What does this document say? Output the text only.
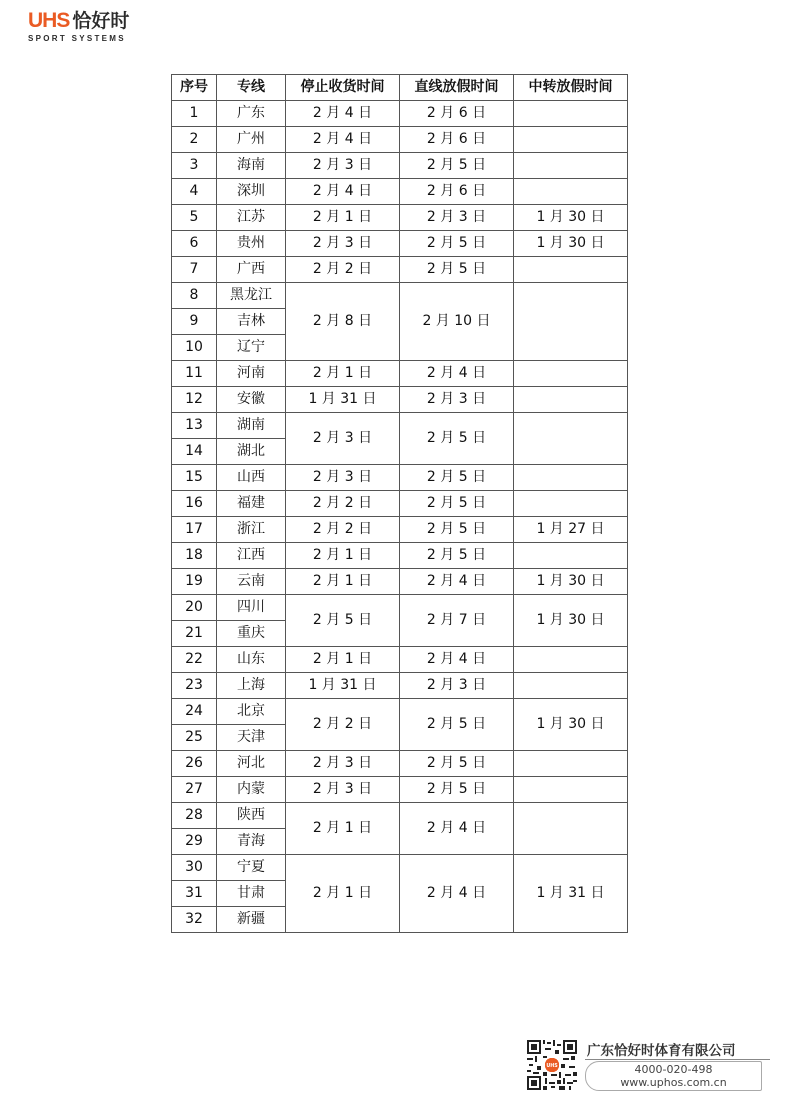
UHS 恰好时
SPORT SYSTEMS
序号	专线	停止收货时间	直线放假时间	中转放假时间
1	广东	2 月 4 日	2 月 6 日	
2	广州	2 月 4 日	2 月 6 日	
3	海南	2 月 3 日	2 月 5 日	
4	深圳	2 月 4 日	2 月 6 日	
5	江苏	2 月 1 日	2 月 3 日	1 月 30 日
6	贵州	2 月 3 日	2 月 5 日	1 月 30 日
7	广西	2 月 2 日	2 月 5 日	
8	黑龙江	2 月 8 日	2 月 10 日	
9	吉林			
10	辽宁			
11	河南	2 月 1 日	2 月 4 日	
12	安徽	1 月 31 日	2 月 3 日	
13	湖南	2 月 3 日	2 月 5 日	
14	湖北			
15	山西	2 月 3 日	2 月 5 日	
16	福建	2 月 2 日	2 月 5 日	
17	浙江	2 月 2 日	2 月 5 日	1 月 27 日
18	江西	2 月 1 日	2 月 5 日	
19	云南	2 月 1 日	2 月 4 日	1 月 30 日
20	四川	2 月 5 日	2 月 7 日	1 月 30 日
21	重庆			
22	山东	2 月 1 日	2 月 4 日	
23	上海	1 月 31 日	2 月 3 日	
24	北京	2 月 2 日	2 月 5 日	1 月 30 日
25	天津			
26	河北	2 月 3 日	2 月 5 日	
27	内蒙	2 月 3 日	2 月 5 日	
28	陕西	2 月 1 日	2 月 4 日	
29	青海			
30	宁夏	2 月 1 日	2 月 4 日	1 月 31 日
31	甘肃			
32	新疆			
UHS
广东恰好时体育有限公司
4000-020-498
www.uphos.com.cn
